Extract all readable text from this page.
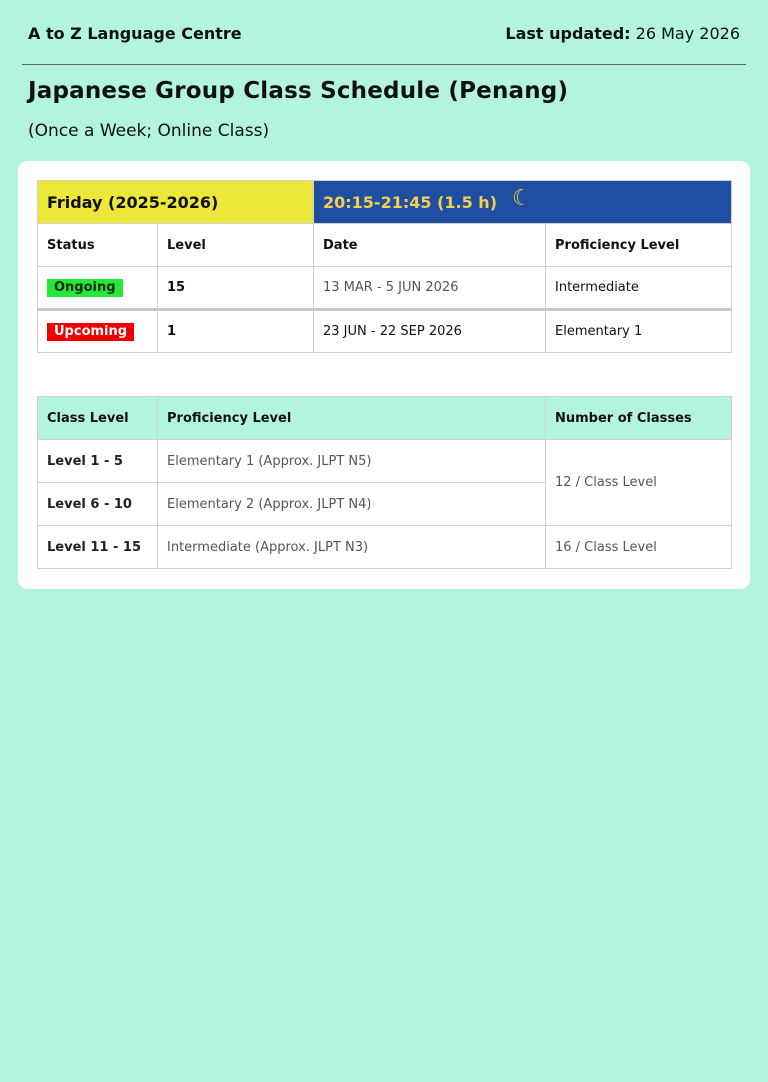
A to Z Language Centre	Last updated: 26 May 2026
Japanese Group Class Schedule (Penang)
(Once a Week; Online Class)
Friday (2025-2026)		20:15-21:45 (1.5 h) ☾	

Status	Level	Date	Proficiency Level
Ongoing	15	13 MAR - 5 JUN 2026	Intermediate
Upcoming	1	23 JUN - 22 SEP 2026	Elementary 1
Class Level	Proficiency Level	Number of Classes
Level 1 - 5	Elementary 1 (Approx. JLPT N5)	12 / Class Level
Level 6 - 10	Elementary 2 (Approx. JLPT N4)	
Level 11 - 15	Intermediate (Approx. JLPT N3)	16 / Class Level
